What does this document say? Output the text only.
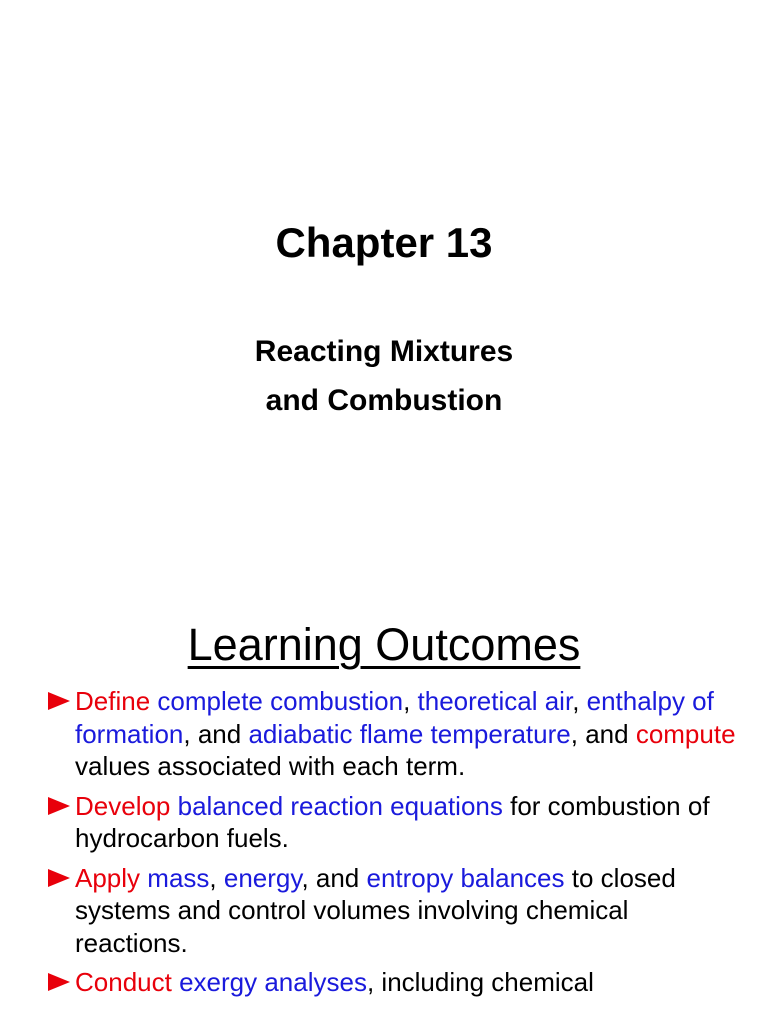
Chapter 13
Reacting Mixtures
and Combustion
Learning Outcomes
Define complete combustion, theoretical air, enthalpy of formation, and adiabatic flame temperature, and compute values associated with each term.
Develop balanced reaction equations for combustion of hydrocarbon fuels.
Apply mass, energy, and entropy balances to closed systems and control volumes involving chemical reactions.
Conduct exergy analyses, including chemical
